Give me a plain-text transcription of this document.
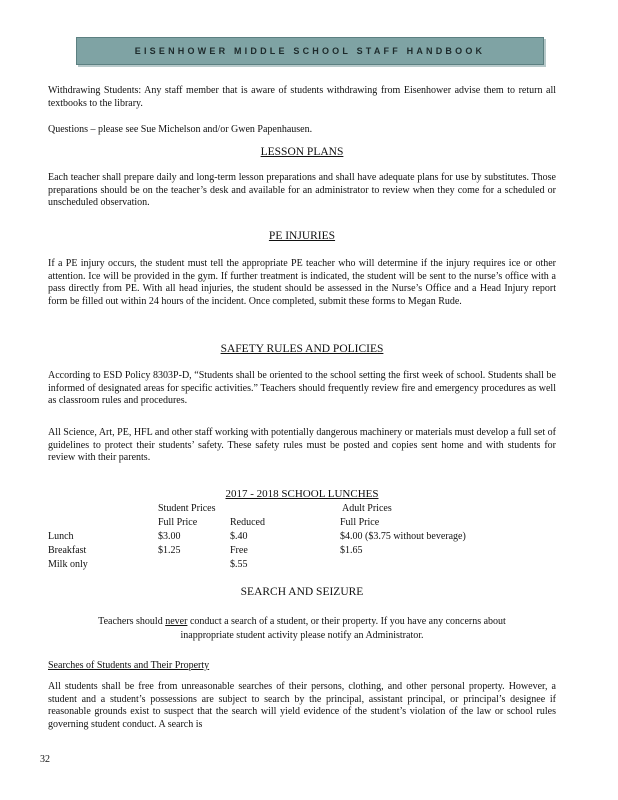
EISENHOWER MIDDLE SCHOOL STAFF HANDBOOK
Withdrawing Students: Any staff member that is aware of students withdrawing from Eisenhower advise them to return all textbooks to the library.
Questions – please see Sue Michelson and/or Gwen Papenhausen.
LESSON PLANS
Each teacher shall prepare daily and long-term lesson preparations and shall have adequate plans for use by substitutes. Those preparations should be on the teacher’s desk and available for an administrator to review when they come for a scheduled or unscheduled observation.
PE INJURIES
If a PE injury occurs, the student must tell the appropriate PE teacher who will determine if the injury requires ice or other attention. Ice will be provided in the gym. If further treatment is indicated, the student will be sent to the nurse’s office with a pass directly from PE. With all head injuries, the student should be assessed in the Nurse’s Office and a Head Injury report form be filled out within 24 hours of the incident. Once completed, submit these forms to Megan Rude.
SAFETY RULES AND POLICIES
According to ESD Policy 8303P-D, “Students shall be oriented to the school setting the first week of school. Students shall be informed of designated areas for specific activities.” Teachers should frequently review fire and emergency procedures as well as classroom rules and procedures.
All Science, Art, PE, HFL and other staff working with potentially dangerous machinery or materials must develop a full set of guidelines to protect their students’ safety. These safety rules must be posted and copies sent home and with students for review with their parents.
2017 - 2018 SCHOOL LUNCHES
	Student Prices		Adult Prices
	Full Price	Reduced	Full Price
Lunch	$3.00	$.40	$4.00 ($3.75 without beverage)
Breakfast	$1.25	Free	$1.65
Milk only		$.55	
SEARCH AND SEIZURE
Teachers should never conduct a search of a student, or their property. If you have any concerns about
inappropriate student activity please notify an Administrator.
Searches of Students and Their Property
All students shall be free from unreasonable searches of their persons, clothing, and other personal property. However, a student and a student’s possessions are subject to search by the principal, assistant principal, or principal’s designee if reasonable grounds exist to suspect that the search will yield evidence of the student’s violation of the law or school rules governing student conduct. A search is
32
